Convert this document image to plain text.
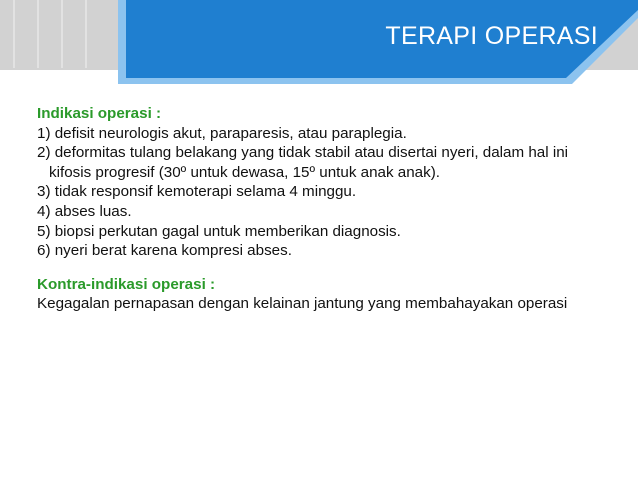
TERAPI OPERASI
Indikasi operasi :
1) defisit neurologis akut, paraparesis, atau paraplegia.
2) deformitas tulang belakang yang tidak stabil atau disertai nyeri, dalam hal ini kifosis progresif (30º untuk dewasa, 15º untuk anak anak).
3) tidak responsif kemoterapi selama 4 minggu.
4) abses luas.
5) biopsi perkutan gagal untuk memberikan diagnosis.
6) nyeri berat karena kompresi abses.
Kontra-indikasi operasi :
Kegagalan pernapasan dengan kelainan jantung yang membahayakan operasi
